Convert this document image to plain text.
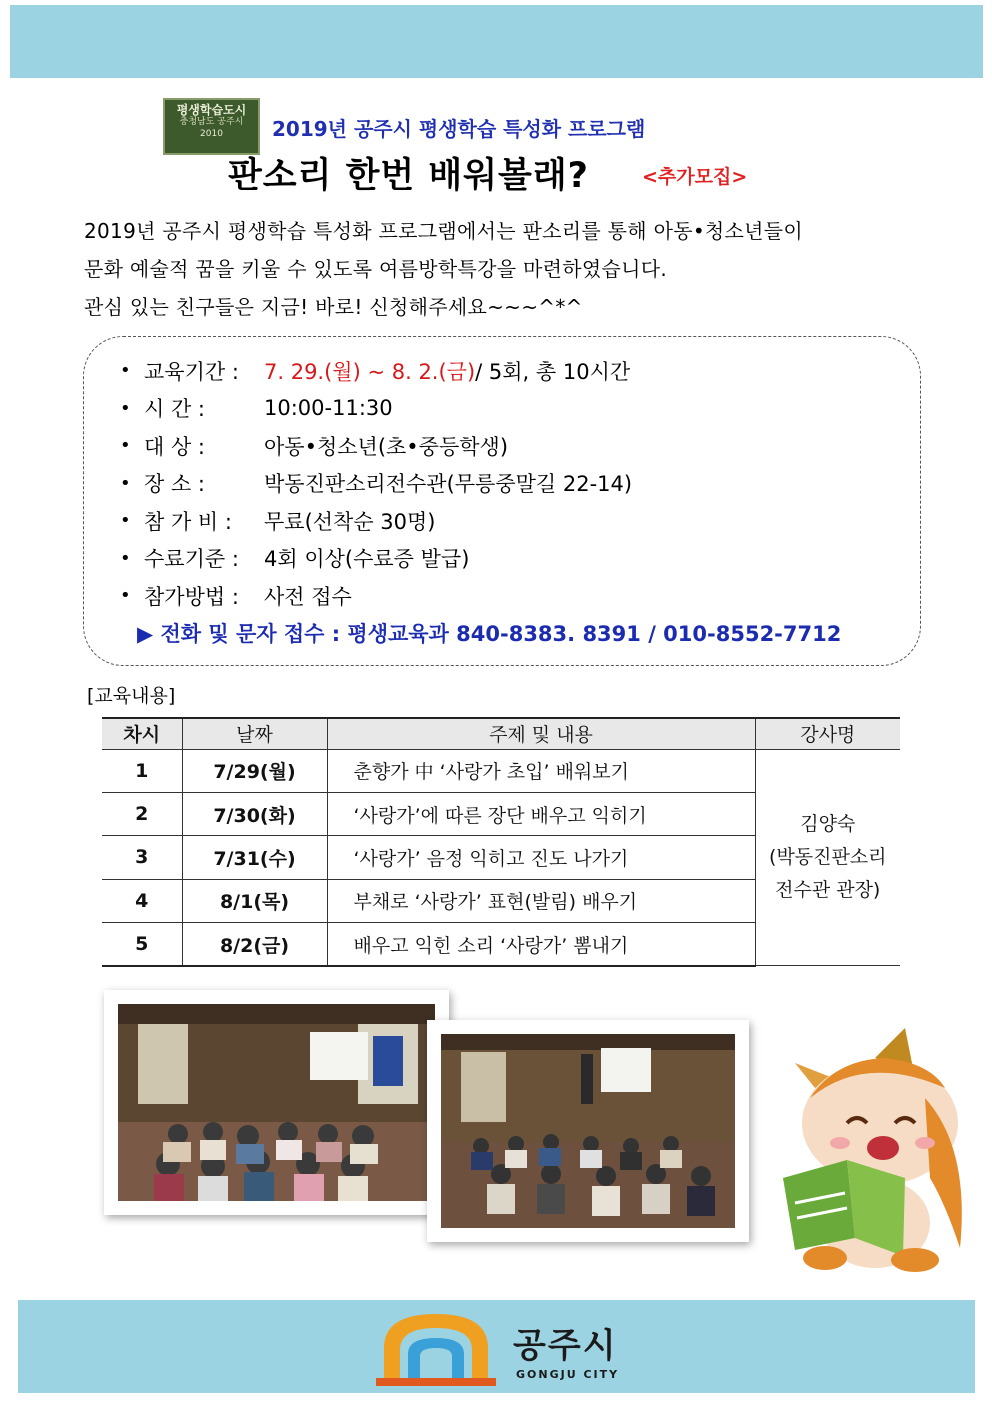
평생학습도시
충청남도 공주시
2010	2019년 공주시 평생학습 특성화 프로그램
판소리 한번 배워볼래?	<추가모집>
2019년 공주시 평생학습 특성화 프로그램에서는 판소리를 통해 아동•청소년들이
문화 예술적 꿈을 키울 수 있도록 여름방학특강을 마련하였습니다.
관심 있는 친구들은 지금! 바로! 신청해주세요~~~^*^
• 교육기간 :	7. 29.(월) ~ 8. 2.(금) / 5회, 총 10시간
• 시 간 :	10:00-11:30
• 대 상 :	아동•청소년(초•중등학생)
• 장 소 :	박동진판소리전수관(무릉중말길 22-14)
• 참 가 비 :	무료(선착순 30명)
• 수료기준 :	4회 이상(수료증 발급)
• 참가방법 :	사전 접수
▶ 전화 및 문자 접수 : 평생교육과 840-8383. 8391 / 010-8552-7712
[교육내용]
차시	날짜	주제 및 내용	강사명
1	7/29(월)	춘향가 中 ‘사랑가 초입’ 배워보기	김양숙
(박동진판소리
전수관 관장)

2	7/30(화)	‘사랑가’에 따른 장단 배우고 익히기	
3	7/31(수)	‘사랑가’ 음정 익히고 진도 나가기	
4	8/1(목)	부채로 ‘사랑가’ 표현(발림) 배우기	
5	8/2(금)	배우고 익힌 소리 ‘사랑가’ 뽐내기	
공주시
GONGJU CITY
